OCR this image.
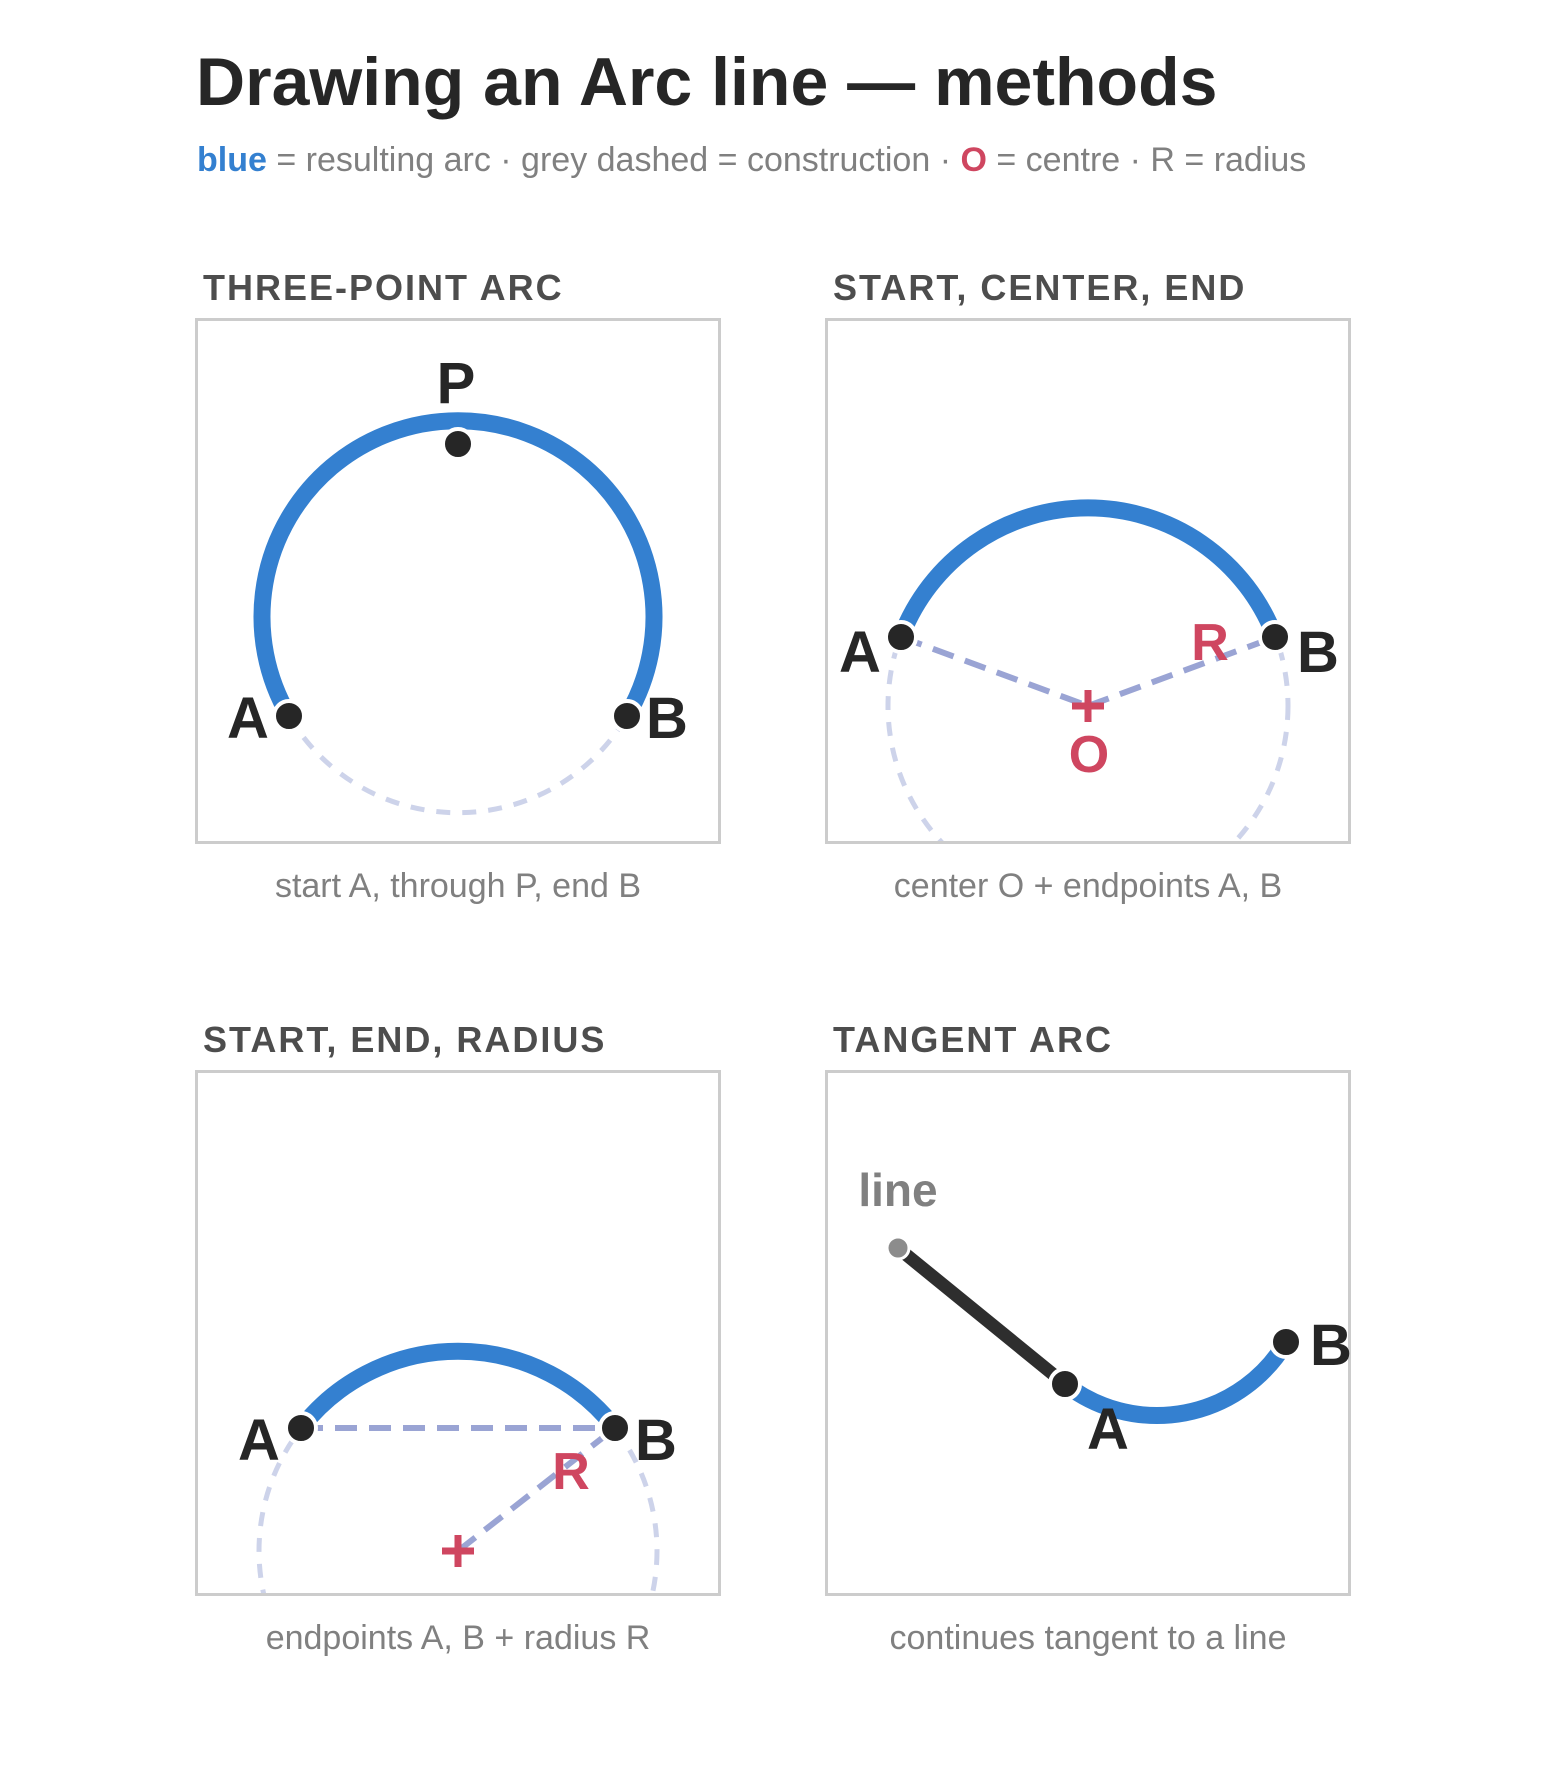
Drawing an Arc line — methods
blue = resulting arc · grey dashed = construction · O = centre · R = radius
THREE-POINT ARC
start A, through P, end B
START, CENTER, END
center O + endpoints A, B
START, END, RADIUS
endpoints A, B + radius R
TANGENT ARC
continues tangent to a line
A
P
B
A	B
O
R
A	B
R
line
A
B
